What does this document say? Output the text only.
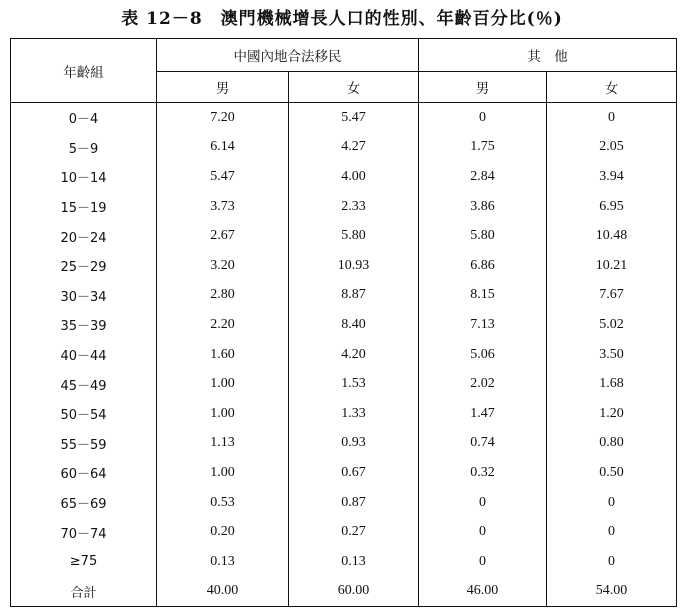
表 12－8　澳門機械增長人口的性別、年齡百分比(％)
年齡組	中國內地合法移民		其　他	
	男	女	男	女
0－4	7.20	5.47	0	0
5－9	6.14	4.27	1.75	2.05
10－14	5.47	4.00	2.84	3.94
15－19	3.73	2.33	3.86	6.95
20－24	2.67	5.80	5.80	10.48
25－29	3.20	10.93	6.86	10.21
30－34	2.80	8.87	8.15	7.67
35－39	2.20	8.40	7.13	5.02
40－44	1.60	4.20	5.06	3.50
45－49	1.00	1.53	2.02	1.68
50－54	1.00	1.33	1.47	1.20
55－59	1.13	0.93	0.74	0.80
60－64	1.00	0.67	0.32	0.50
65－69	0.53	0.87	0	0
70－74	0.20	0.27	0	0
≥75	0.13	0.13	0	0
合計	40.00	60.00	46.00	54.00
